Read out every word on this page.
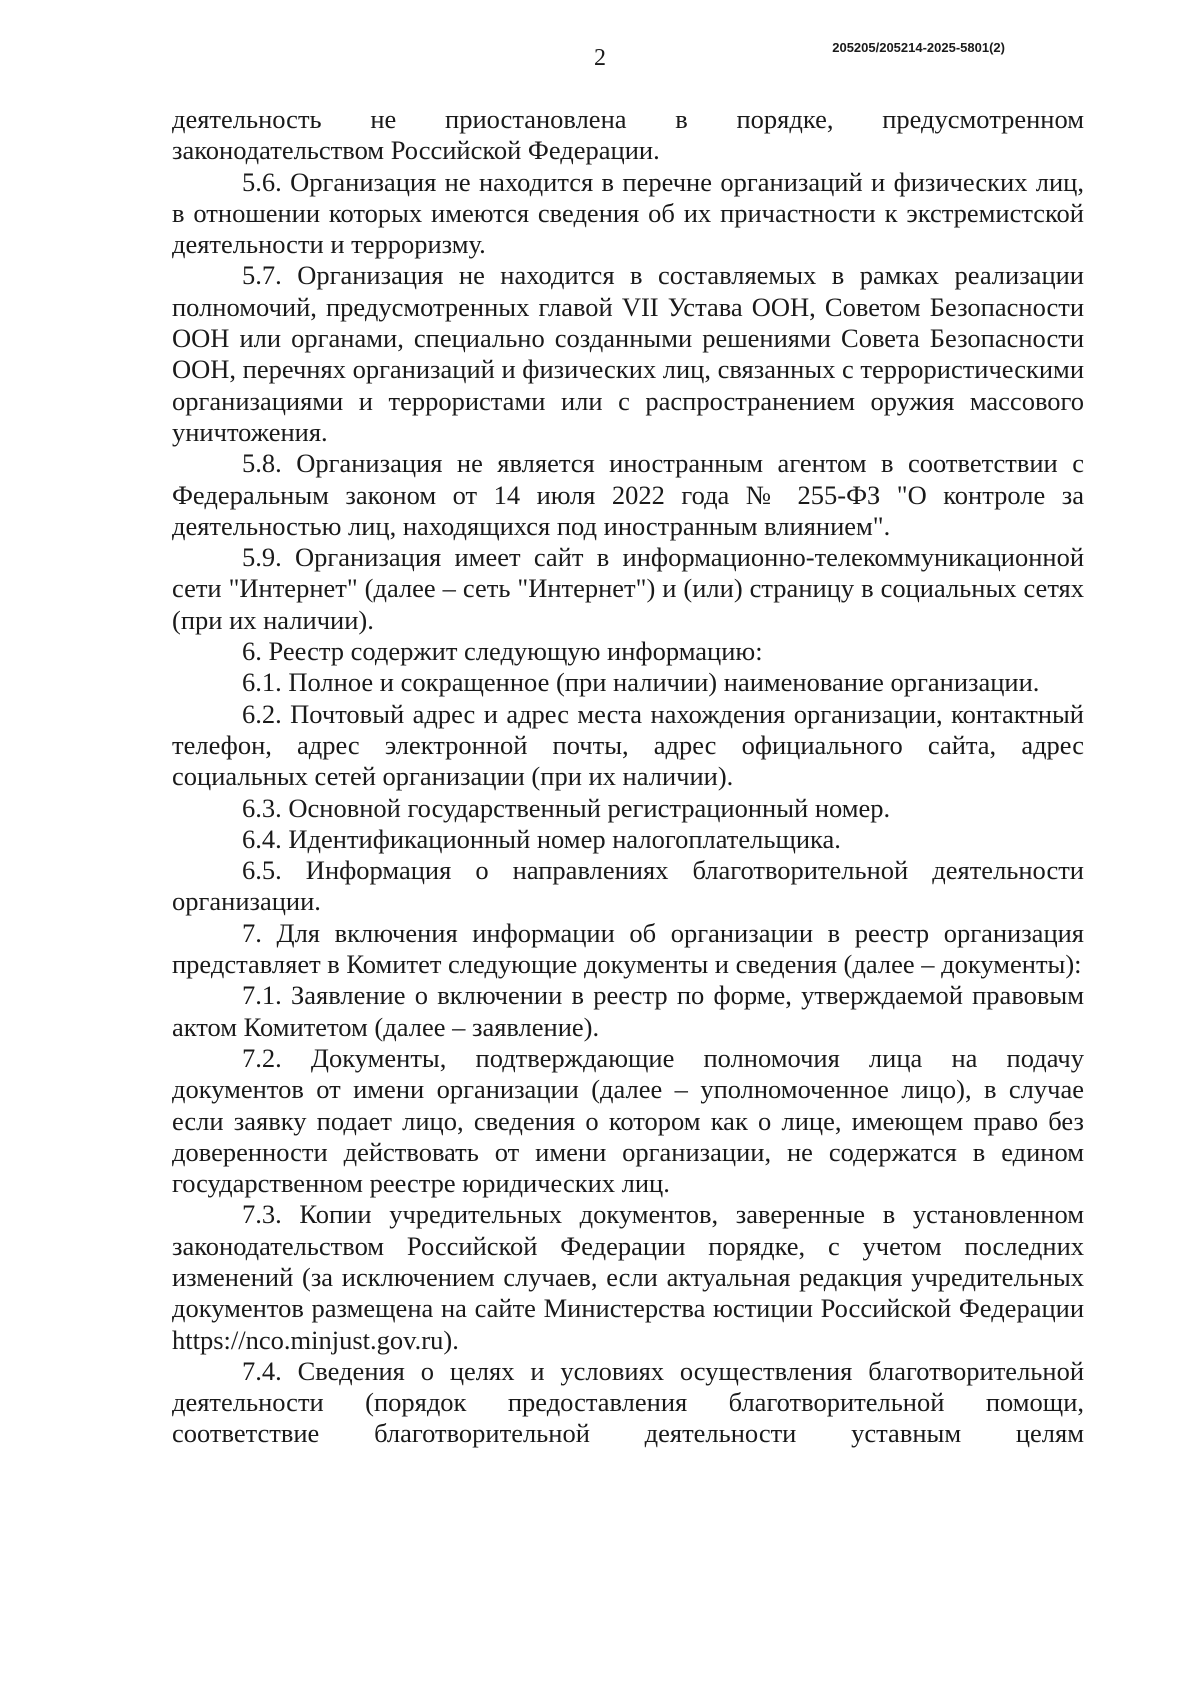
2	205205/205214-2025-5801(2)

деятельность не приостановлена в порядке, предусмотренном законодательством Российской Федерации.

5.6. Организация не находится в перечне организаций и физических лиц, в отношении которых имеются сведения об их причастности к экстремистской деятельности и терроризму.

5.7. Организация не находится в составляемых в рамках реализации полномочий, предусмотренных главой VII Устава ООН, Советом Безопасности ООН или органами, специально созданными решениями Совета Безопасности ООН, перечнях организаций и физических лиц, связанных с террористическими организациями и террористами или с распространением оружия массового уничтожения.

5.8. Организация не является иностранным агентом в соответствии с Федеральным законом от 14 июля 2022 года № 255-ФЗ "О контроле за деятельностью лиц, находящихся под иностранным влиянием".

5.9. Организация имеет сайт в информационно-телекоммуникационной сети "Интернет" (далее – сеть "Интернет") и (или) страницу в социальных сетях (при их наличии).

6. Реестр содержит следующую информацию:

6.1. Полное и сокращенное (при наличии) наименование организации.

6.2. Почтовый адрес и адрес места нахождения организации, контактный телефон, адрес электронной почты, адрес официального сайта, адрес социальных сетей организации (при их наличии).

6.3. Основной государственный регистрационный номер.

6.4. Идентификационный номер налогоплательщика.

6.5. Информация о направлениях благотворительной деятельности организации.

7. Для включения информации об организации в реестр организация представляет в Комитет следующие документы и сведения (далее – документы):

7.1. Заявление о включении в реестр по форме, утверждаемой правовым актом Комитетом (далее – заявление).

7.2. Документы, подтверждающие полномочия лица на подачу документов от имени организации (далее – уполномоченное лицо), в случае если заявку подает лицо, сведения о котором как о лице, имеющем право без доверенности действовать от имени организации, не содержатся в едином государственном реестре юридических лиц.

7.3. Копии учредительных документов, заверенные в установленном законодательством Российской Федерации порядке, с учетом последних изменений (за исключением случаев, если актуальная редакция учредительных документов размещена на сайте Министерства юстиции Российской Федерации https://nco.minjust.gov.ru).

7.4. Сведения о целях и условиях осуществления благотворительной деятельности (порядок предоставления благотворительной помощи, соответствие благотворительной деятельности уставным целям
